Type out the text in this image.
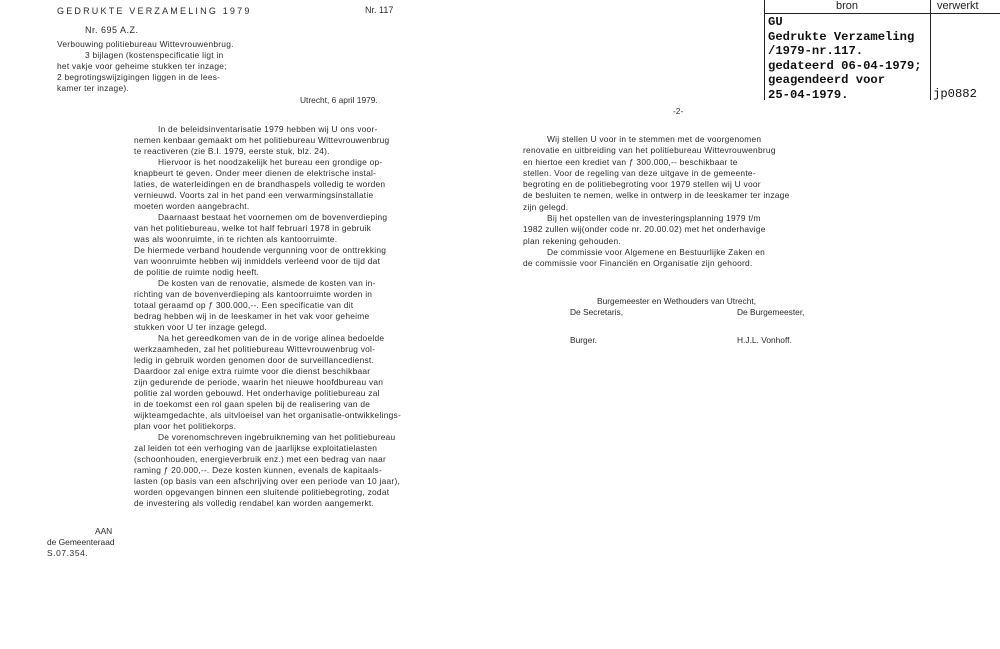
GEDRUKTE VERZAMELING 1979	Nr. 117
Nr. 695 A.Z.
Verbouwing politiebureau Wittevrouwenbrug.
3 bijlagen (kostenspecificatie ligt in
het vakje voor geheime stukken ter inzage;
2 begrotingswijzigingen liggen in de lees-
kamer ter inzage).
Utrecht, 6 april 1979.
bron	verwerkt
GU
Gedrukte Verzameling
/1979-nr.117.
gedateerd 06-04-1979;
geagendeerd voor
25-04-1979.	jp0882
In de beleidsinventarisatie 1979 hebben wij U ons voor-
nemen kenbaar gemaakt om het politiebureau Wittevrouwenbrug
te reactiveren (zie B.I. 1979, eerste stuk, blz. 24).
Hiervoor is het noodzakelijk het bureau een grondige op-
knapbeurt te geven. Onder meer dienen de elektrische instal-
laties, de waterleidingen en de brandhaspels volledig te worden
vernieuwd. Voorts zal in het pand een verwarmingsinstallatie
moeten worden aangebracht.
Daarnaast bestaat het voornemen om de bovenverdieping
van het politiebureau, welke tot half februari 1978 in gebruik
was als woonruimte, in te richten als kantoorruimte.
De hiermede verband houdende vergunning voor de onttrekking
van woonruimte hebben wij inmiddels verleend voor de tijd dat
de politie de ruimte nodig heeft.
De kosten van de renovatie, alsmede de kosten van in-
richting van de bovenverdieping als kantoorruimte worden in
totaal geraamd op ƒ 300.000,--. Een specificatie van dit
bedrag hebben wij in de leeskamer in het vak voor geheime
stukken voor U ter inzage gelegd.
Na het gereedkomen van de in de vorige alinea bedoelde
werkzaamheden, zal het politiebureau Wittevrouwenbrug vol-
ledig in gebruik worden genomen door de surveillancedienst.
Daardoor zal enige extra ruimte voor die dienst beschikbaar
zijn gedurende de periode, waarin het nieuwe hoofdbureau van
politie zal worden gebouwd. Het onderhavige politiebureau zal
in de toekomst een rol gaan spelen bij de realisering van de
wijkteamgedachte, als uitvloeisel van het organisatie-ontwikkelings-
plan voor het politiekorps.
De vorenomschreven ingebruikneming van het politiebureau
zal leiden tot een verhoging van de jaarlijkse exploitatielasten
(schoonhouden, energieverbruik enz.) met een bedrag van naar
raming ƒ 20.000,--. Deze kosten kunnen, evenals de kapitaals-
lasten (op basis van een afschrijving over een periode van 10 jaar),
worden opgevangen binnen een sluitende politiebegroting, zodat
de investering als volledig rendabel kan worden aangemerkt.
AAN
de Gemeenteraad
S.07.354.
-2-
Wij stellen U voor in te stemmen met de voorgenomen
renovatie en uitbreiding van het politiebureau Wittevrouwenbrug
en hiertoe een krediet van ƒ 300.000,-- beschikbaar te
stellen. Voor de regeling van deze uitgave in de gemeente-
begroting en de politiebegroting voor 1979 stellen wij U voor
de besluiten te nemen, welke in ontwerp in de leeskamer ter inzage
zijn gelegd.
Bij het opstellen van de investeringsplanning 1979 t/m
1982 zullen wij(onder code nr. 20.00.02) met het onderhavige
plan rekening gehouden.
De commissie voor Algemene en Bestuurlijke Zaken en
de commissie voor Financiën en Organisatie zijn gehoord.
Burgemeester en Wethouders van Utrecht,
De Secretaris,	De Burgemeester,
Burger.	H.J.L. Vonhoff.
